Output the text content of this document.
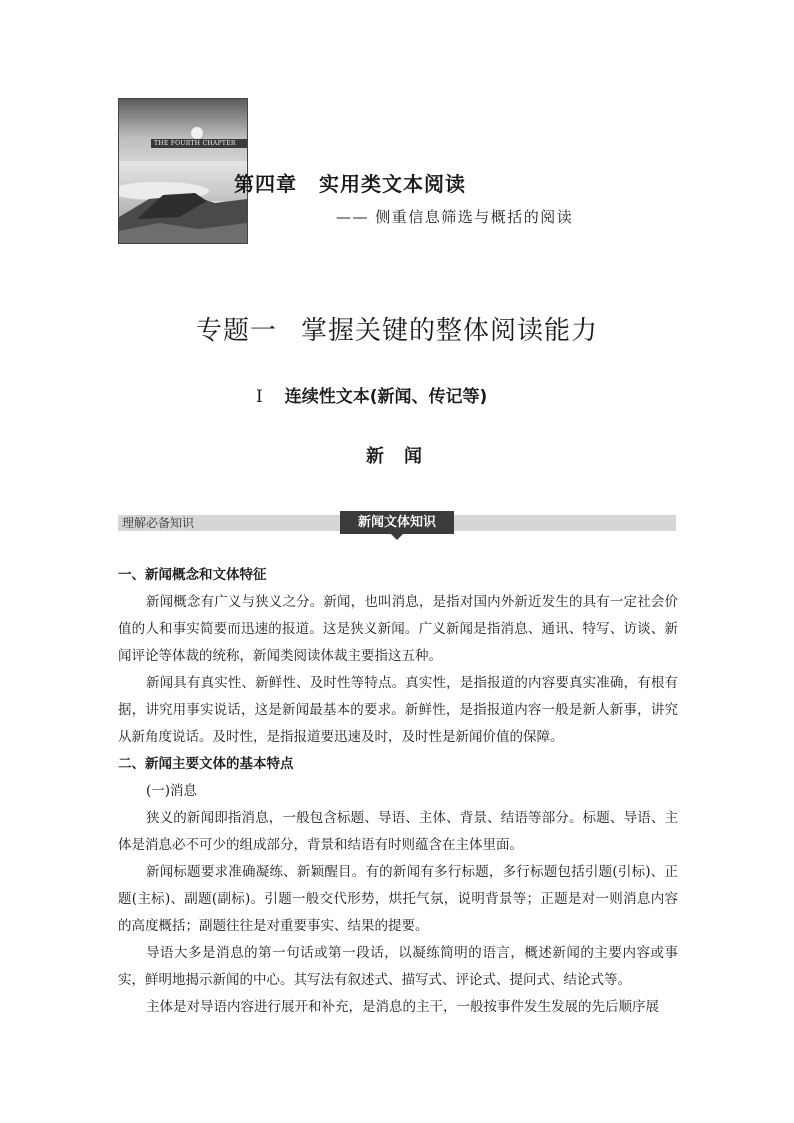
THE FOURTH CHAPTER
第四章 实用类文本阅读
—— 侧重信息筛选与概括的阅读
专题一 掌握关键的整体阅读能力
Ⅰ 连续性文本(新闻、传记等)
新闻
理解必备知识	新闻文体知识

一、新闻概念和文体特征

新闻概念有广义与狭义之分。新闻，也叫消息，是指对国内外新近发生的具有一定社会价值的人和事实简要而迅速的报道。这是狭义新闻。广义新闻是指消息、通讯、特写、访谈、新闻评论等体裁的统称，新闻类阅读体裁主要指这五种。

新闻具有真实性、新鲜性、及时性等特点。真实性，是指报道的内容要真实准确，有根有据，讲究用事实说话，这是新闻最基本的要求。新鲜性，是指报道内容一般是新人新事，讲究从新角度说话。及时性，是指报道要迅速及时，及时性是新闻价值的保障。

二、新闻主要文体的基本特点

(一)消息

狭义的新闻即指消息，一般包含标题、导语、主体、背景、结语等部分。标题、导语、主体是消息必不可少的组成部分，背景和结语有时则蕴含在主体里面。

新闻标题要求准确凝练、新颖醒目。有的新闻有多行标题，多行标题包括引题(引标)、正题(主标)、副题(副标)。引题一般交代形势，烘托气氛，说明背景等；正题是对一则消息内容的高度概括；副题往往是对重要事实、结果的提要。

导语大多是消息的第一句话或第一段话，以凝练简明的语言，概述新闻的主要内容或事实，鲜明地揭示新闻的中心。其写法有叙述式、描写式、评论式、提问式、结论式等。

主体是对导语内容进行展开和补充，是消息的主干，一般按事件发生发展的先后顺序展
